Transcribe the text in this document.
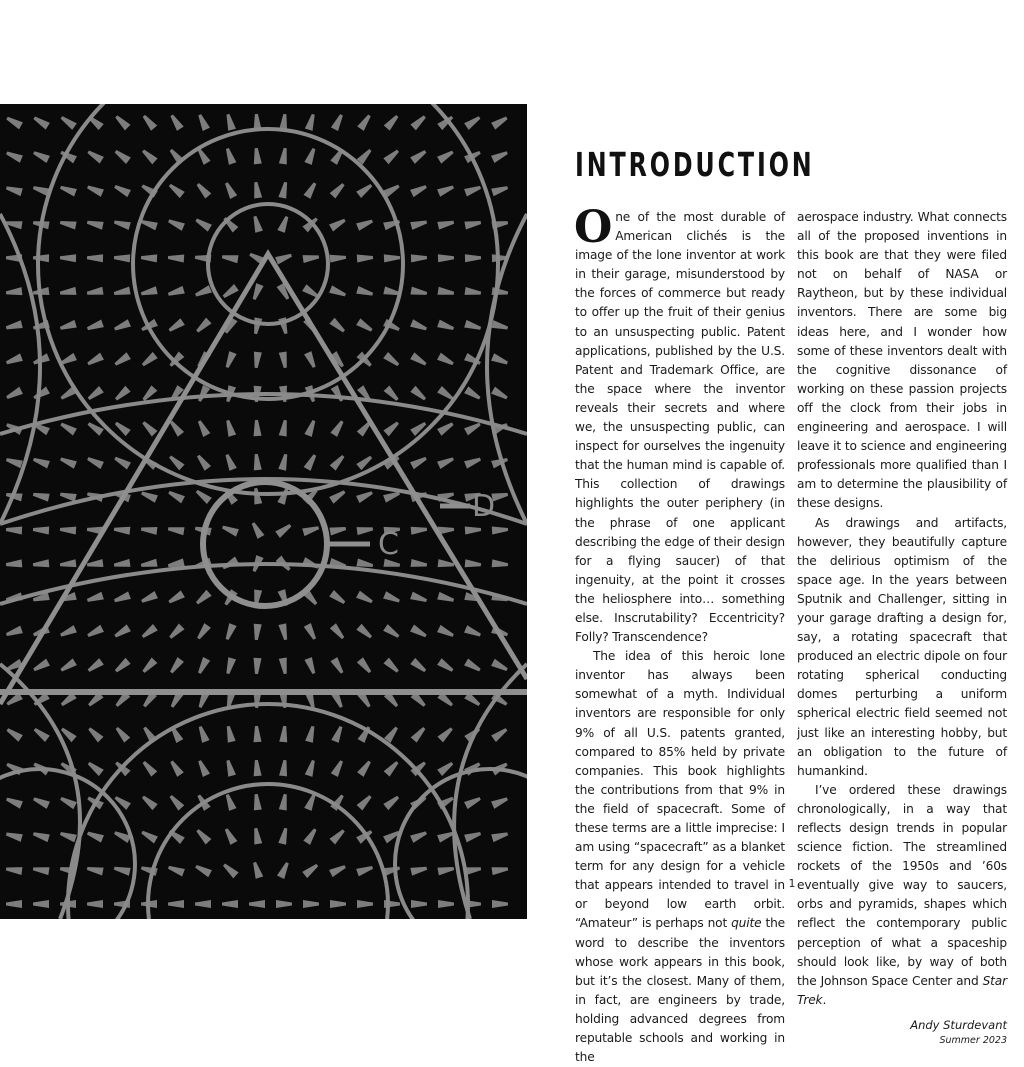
C
D
INTRODUCTION

One of the most durable of American clichés is the image of the lone inventor at work in their garage, misunderstood by the forces of commerce but ready to offer up the fruit of their genius to an unsuspecting public. Patent applications, published by the U.S. Patent and Trademark Office, are the space where the inventor reveals their secrets and where we, the unsuspecting public, can inspect for ourselves the ingenuity that the human mind is capable of. This collection of drawings highlights the outer periphery (in the phrase of one applicant describing the edge of their design for a flying saucer) of that ingenuity, at the point it crosses the heliosphere into… something else. Inscrutability? Eccentricity? Folly? Transcendence?

The idea of this heroic lone inventor has always been somewhat of a myth. Individual inventors are responsible for only 9% of all U.S. patents granted, compared to 85% held by private companies. This book highlights the contributions from that 9% in the field of spacecraft. Some of these terms are a little imprecise: I am using “spacecraft” as a blanket term for any design for a vehicle that appears intended to travel in or beyond low earth orbit. “Amateur” is perhaps not quite the word to describe the inventors whose work appears in this book, but it’s the closest. Many of them, in fact, are engineers by trade, holding advanced degrees from reputable schools and working in the

aerospace industry. What connects all of the proposed inventions in this book are that they were filed not on behalf of NASA or Raytheon, but by these individual inventors. There are some big ideas here, and I wonder how some of these inventors dealt with the cognitive dissonance of working on these passion projects off the clock from their jobs in engineering and aerospace. I will leave it to science and engineering professionals more qualified than I am to determine the plausibility of these designs.

As drawings and artifacts, however, they beautifully capture the delirious optimism of the space age. In the years between Sputnik and Challenger, sitting in your garage drafting a design for, say, a rotating spacecraft that produced an electric dipole on four rotating spherical conducting domes perturbing a uniform spherical electric field seemed not just like an interesting hobby, but an obligation to the future of humankind.

I’ve ordered these drawings chronologically, in a way that reflects design trends in popular science fiction. The streamlined rockets of the 1950s and ’60s eventually give way to saucers, orbs and pyramids, shapes which reflect the contemporary public perception of what a spaceship should look like, by way of both the Johnson Space Center and Star Trek.

Andy Sturdevant
Summer 2023
1
